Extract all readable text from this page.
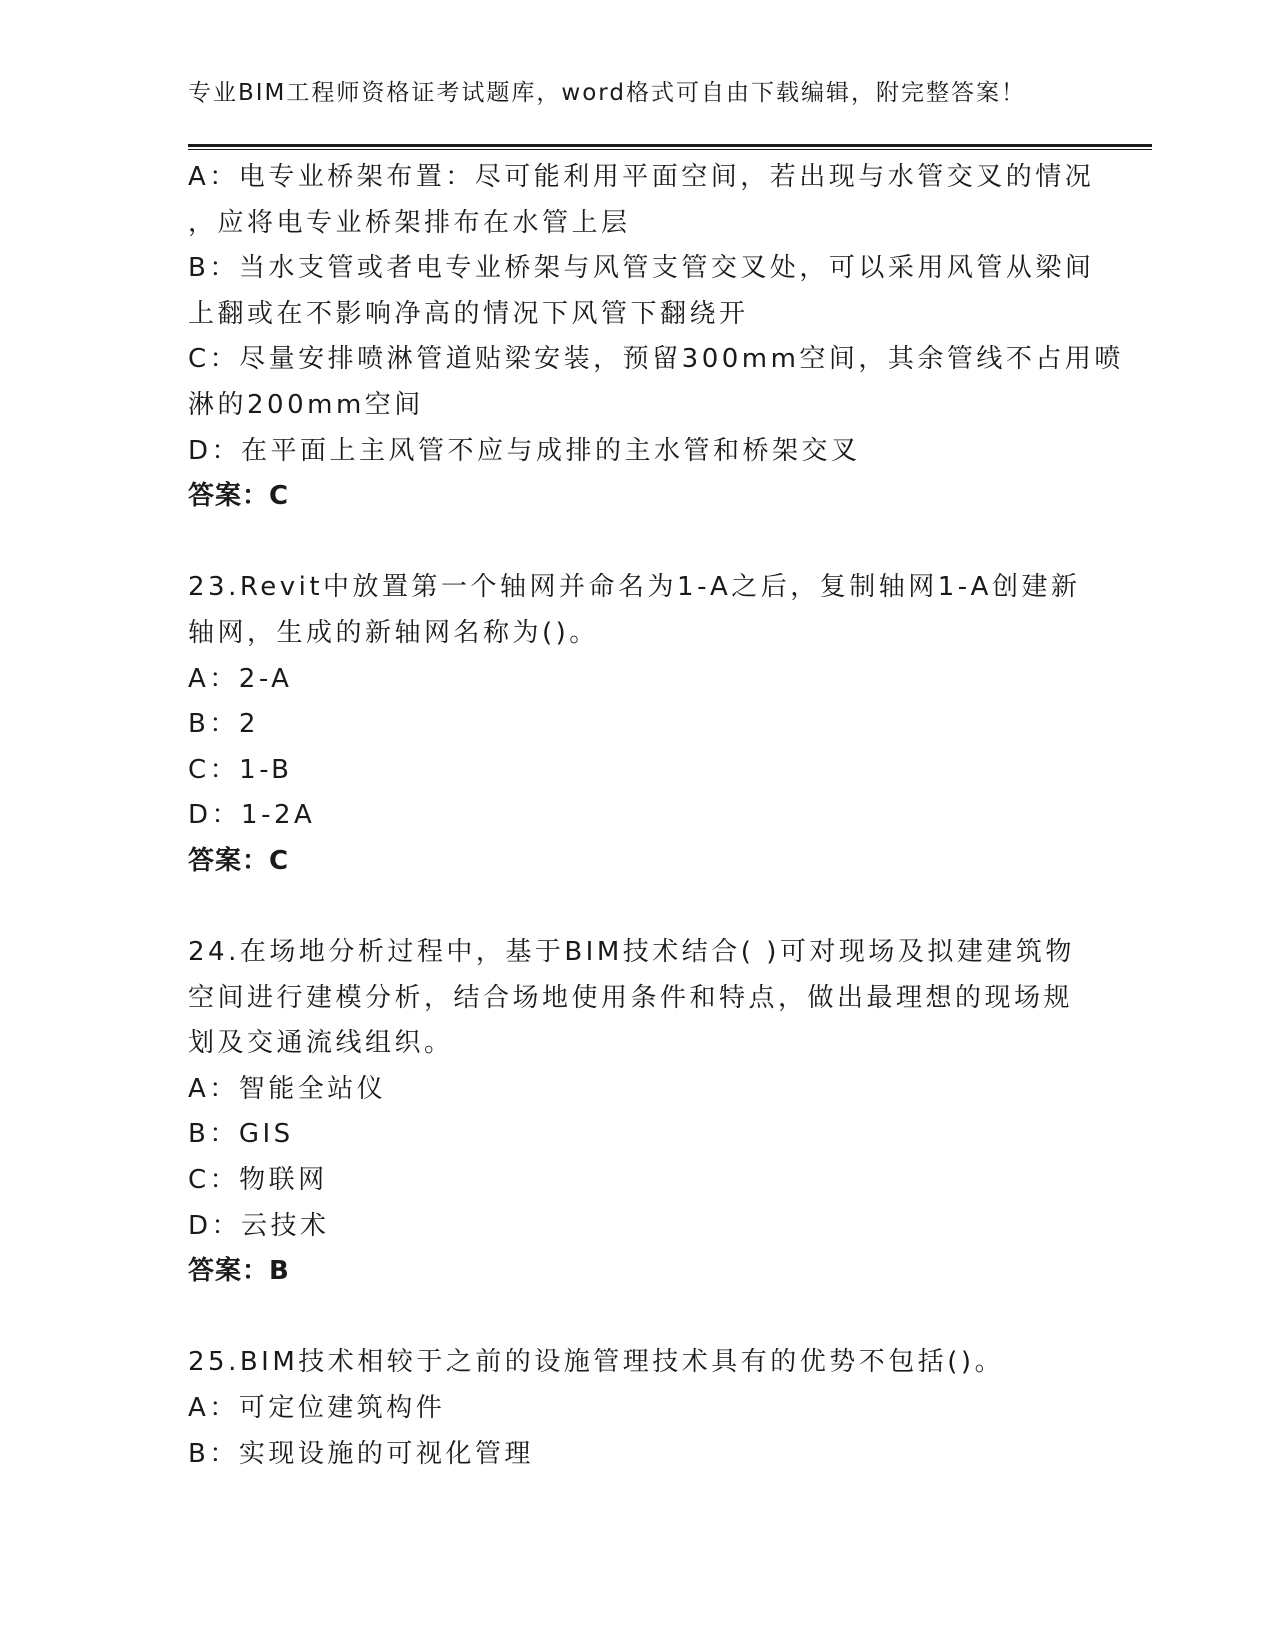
专业BIM工程师资格证考试题库，word格式可自由下载编辑，附完整答案！

A：电专业桥架布置：尽可能利用平面空间，若出现与水管交叉的情况

，应将电专业桥架排布在水管上层

B：当水支管或者电专业桥架与风管支管交叉处，可以采用风管从梁间

上翻或在不影响净高的情况下风管下翻绕开

C：尽量安排喷淋管道贴梁安装，预留300mm空间，其余管线不占用喷

淋的200mm空间

D：在平面上主风管不应与成排的主水管和桥架交叉

答案：C

23.Revit中放置第一个轴网并命名为1-A之后，复制轴网1-A创建新

轴网，生成的新轴网名称为()。

A：2-A

B：2

C：1-B

D：1-2A

答案：C

24.在场地分析过程中，基于BIM技术结合( )可对现场及拟建建筑物

空间进行建模分析，结合场地使用条件和特点，做出最理想的现场规

划及交通流线组织。

A：智能全站仪

B：GIS

C：物联网

D：云技术

答案：B

25.BIM技术相较于之前的设施管理技术具有的优势不包括()。

A：可定位建筑构件

B：实现设施的可视化管理
